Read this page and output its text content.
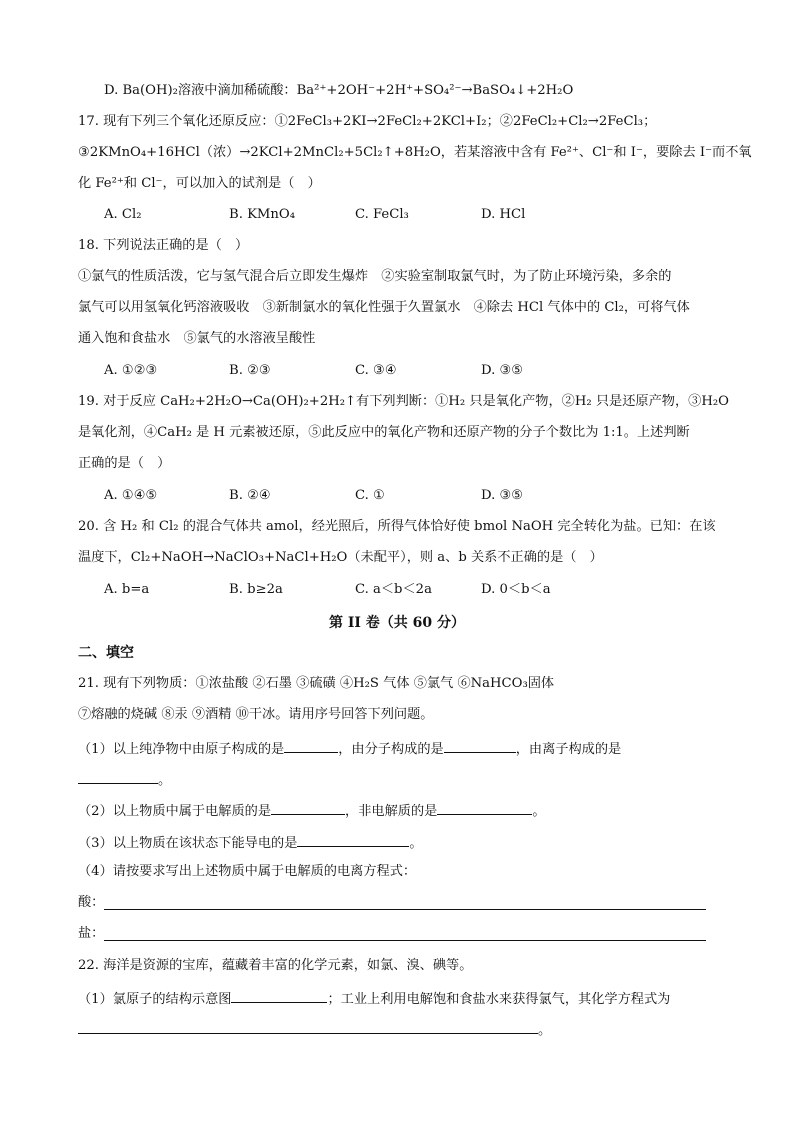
D. Ba(OH)₂溶液中滴加稀硫酸：Ba²⁺+2OH⁻+2H⁺+SO₄²⁻→BaSO₄↓+2H₂O
17. 现有下列三个氧化还原反应：①2FeCl₃+2KI→2FeCl₂+2KCl+I₂；②2FeCl₂+Cl₂→2FeCl₃；
③2KMnO₄+16HCl（浓）→2KCl+2MnCl₂+5Cl₂↑+8H₂O，若某溶液中含有 Fe²⁺、Cl⁻和 I⁻，要除去 I⁻而不氧
化 Fe²⁺和 Cl⁻，可以加入的试剂是（　）
A. Cl₂	B. KMnO₄	C. FeCl₃	D. HCl
18. 下列说法正确的是（　）
①氯气的性质活泼，它与氢气混合后立即发生爆炸　②实验室制取氯气时，为了防止环境污染，多余的
氯气可以用氢氧化钙溶液吸收　③新制氯水的氧化性强于久置氯水　④除去 HCl 气体中的 Cl₂，可将气体
通入饱和食盐水　⑤氯气的水溶液呈酸性
A. ①②③	B. ②③	C. ③④	D. ③⑤
19. 对于反应 CaH₂+2H₂O→Ca(OH)₂+2H₂↑有下列判断：①H₂ 只是氧化产物，②H₂ 只是还原产物，③H₂O
是氧化剂，④CaH₂ 是 H 元素被还原，⑤此反应中的氧化产物和还原产物的分子个数比为 1:1。上述判断
正确的是（　）
A. ①④⑤	B. ②④	C. ①	D. ③⑤
20. 含 H₂ 和 Cl₂ 的混合气体共 amol，经光照后，所得气体恰好使 bmol NaOH 完全转化为盐。已知：在该
温度下，Cl₂+NaOH→NaClO₃+NaCl+H₂O（未配平），则 a、b 关系不正确的是（　）
A. b=a	B. b≥2a	C. a＜b＜2a	D. 0＜b＜a
第 II 卷（共 60 分）
二、填空
21. 现有下列物质：①浓盐酸 ②石墨 ③硫磺 ④H₂S 气体 ⑤氯气 ⑥NaHCO₃固体
⑦熔融的烧碱 ⑧汞 ⑨酒精 ⑩干冰。请用序号回答下列问题。
（1）以上纯净物中由原子构成的是	，由分子构成的是	，由离子构成的是
。
（2）以上物质中属于电解质的是	，非电解质的是	。
（3）以上物质在该状态下能导电的是	。
（4）请按要求写出上述物质中属于电解质的电离方程式：
酸：
盐：
22. 海洋是资源的宝库，蕴藏着丰富的化学元素，如氯、溴、碘等。
（1）氯原子的结构示意图	；工业上利用电解饱和食盐水来获得氯气，其化学方程式为
。
